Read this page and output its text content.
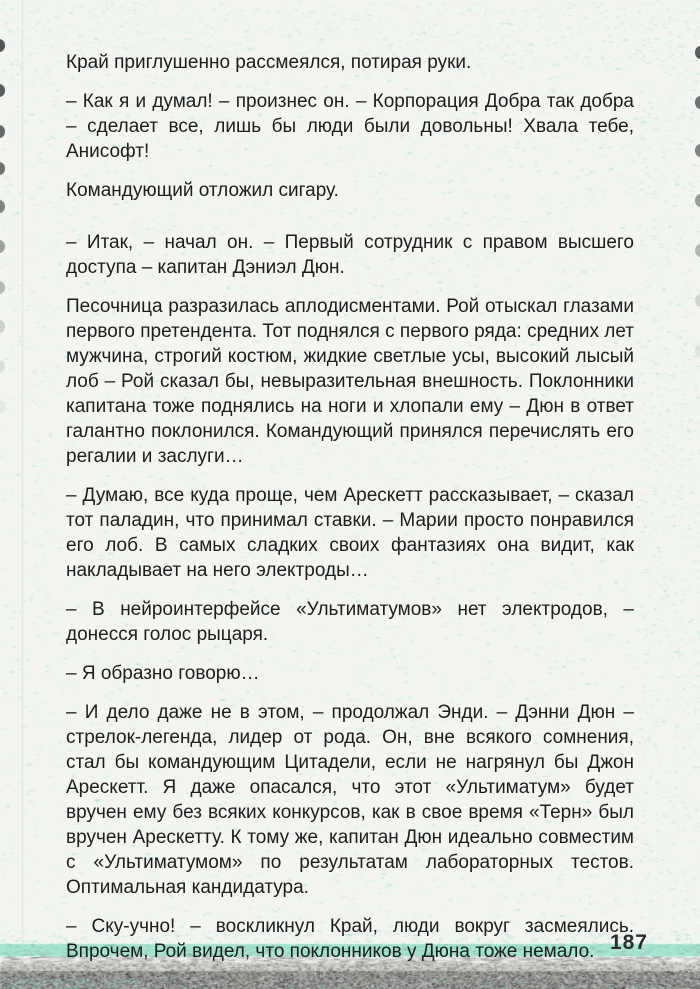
Край приглушенно рассмеялся, потирая руки.

– Как я и думал! – произнес он. – Корпорация Добра так добра – сделает все, лишь бы люди были довольны! Хвала тебе, Анисофт!

Командующий отложил сигару.

– Итак, – начал он. – Первый сотрудник с правом высшего доступа – капитан Дэниэл Дюн.

Песочница разразилась аплодисментами. Рой отыскал глазами первого претендента. Тот поднялся с первого ряда: средних лет мужчина, строгий костюм, жидкие светлые усы, высокий лысый лоб – Рой сказал бы, невыразительная внешность. Поклонники капитана тоже поднялись на ноги и хлопали ему – Дюн в ответ галантно поклонился. Командующий принялся перечислять его регалии и заслуги…

– Думаю, все куда проще, чем Арескетт рассказывает, – сказал тот паладин, что принимал ставки. – Марии просто понравился его лоб. В самых сладких своих фантазиях она видит, как накладывает на него электроды…

– В нейроинтерфейсе «Ультиматумов» нет электродов, – донесся голос рыцаря.

– Я образно говорю…

– И дело даже не в этом, – продолжал Энди. – Дэнни Дюн – стрелок-легенда, лидер от рода. Он, вне всякого сомнения, стал бы командующим Цитадели, если не нагрянул бы Джон Арескетт. Я даже опасался, что этот «Ультиматум» будет вручен ему без всяких конкурсов, как в свое время «Терн» был вручен Арескетту. К тому же, капитан Дюн идеально совместим с «Ультиматумом» по результатам лабораторных тестов. Оптимальная кандидатура.

– Ску-учно! – воскликнул Край, люди вокруг засмеялись. Впрочем, Рой видел, что поклонников у Дюна тоже немало. 187
